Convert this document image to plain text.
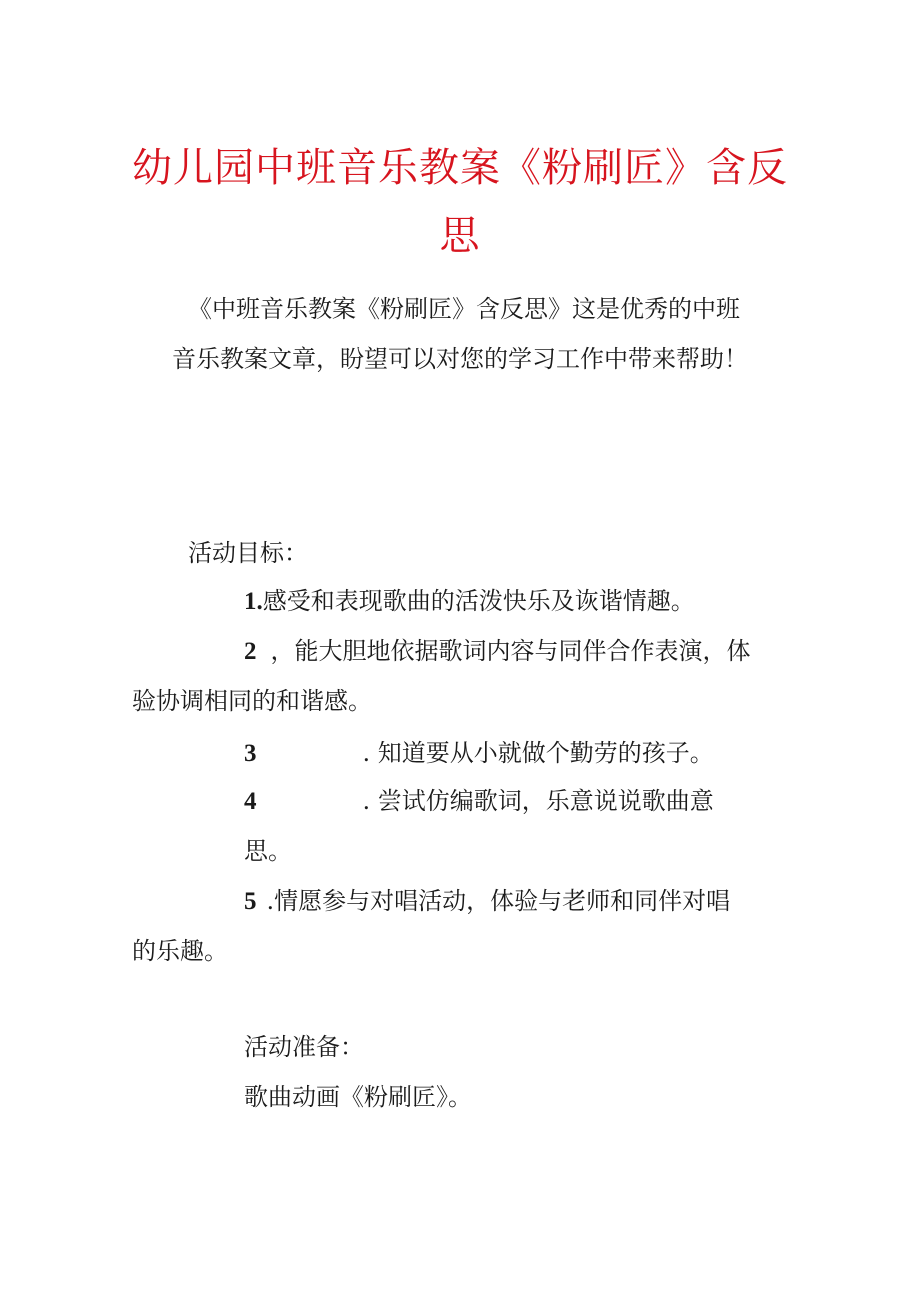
幼儿园中班音乐教案《粉刷匠》含反
思
《中班音乐教案《粉刷匠》含反思》这是优秀的中班
音乐教案文章，盼望可以对您的学习工作中带来帮助！
活动目标：
1.感受和表现歌曲的活泼快乐及诙谐情趣。
2 ，能大胆地依据歌词内容与同伴合作表演，体
验协调相同的和谐感。
3	. 知道要从小就做个勤劳的孩子。
4	. 尝试仿编歌词，乐意说说歌曲意
思。
5 .情愿参与对唱活动，体验与老师和同伴对唱
的乐趣。
活动准备：
歌曲动画《粉刷匠》。
